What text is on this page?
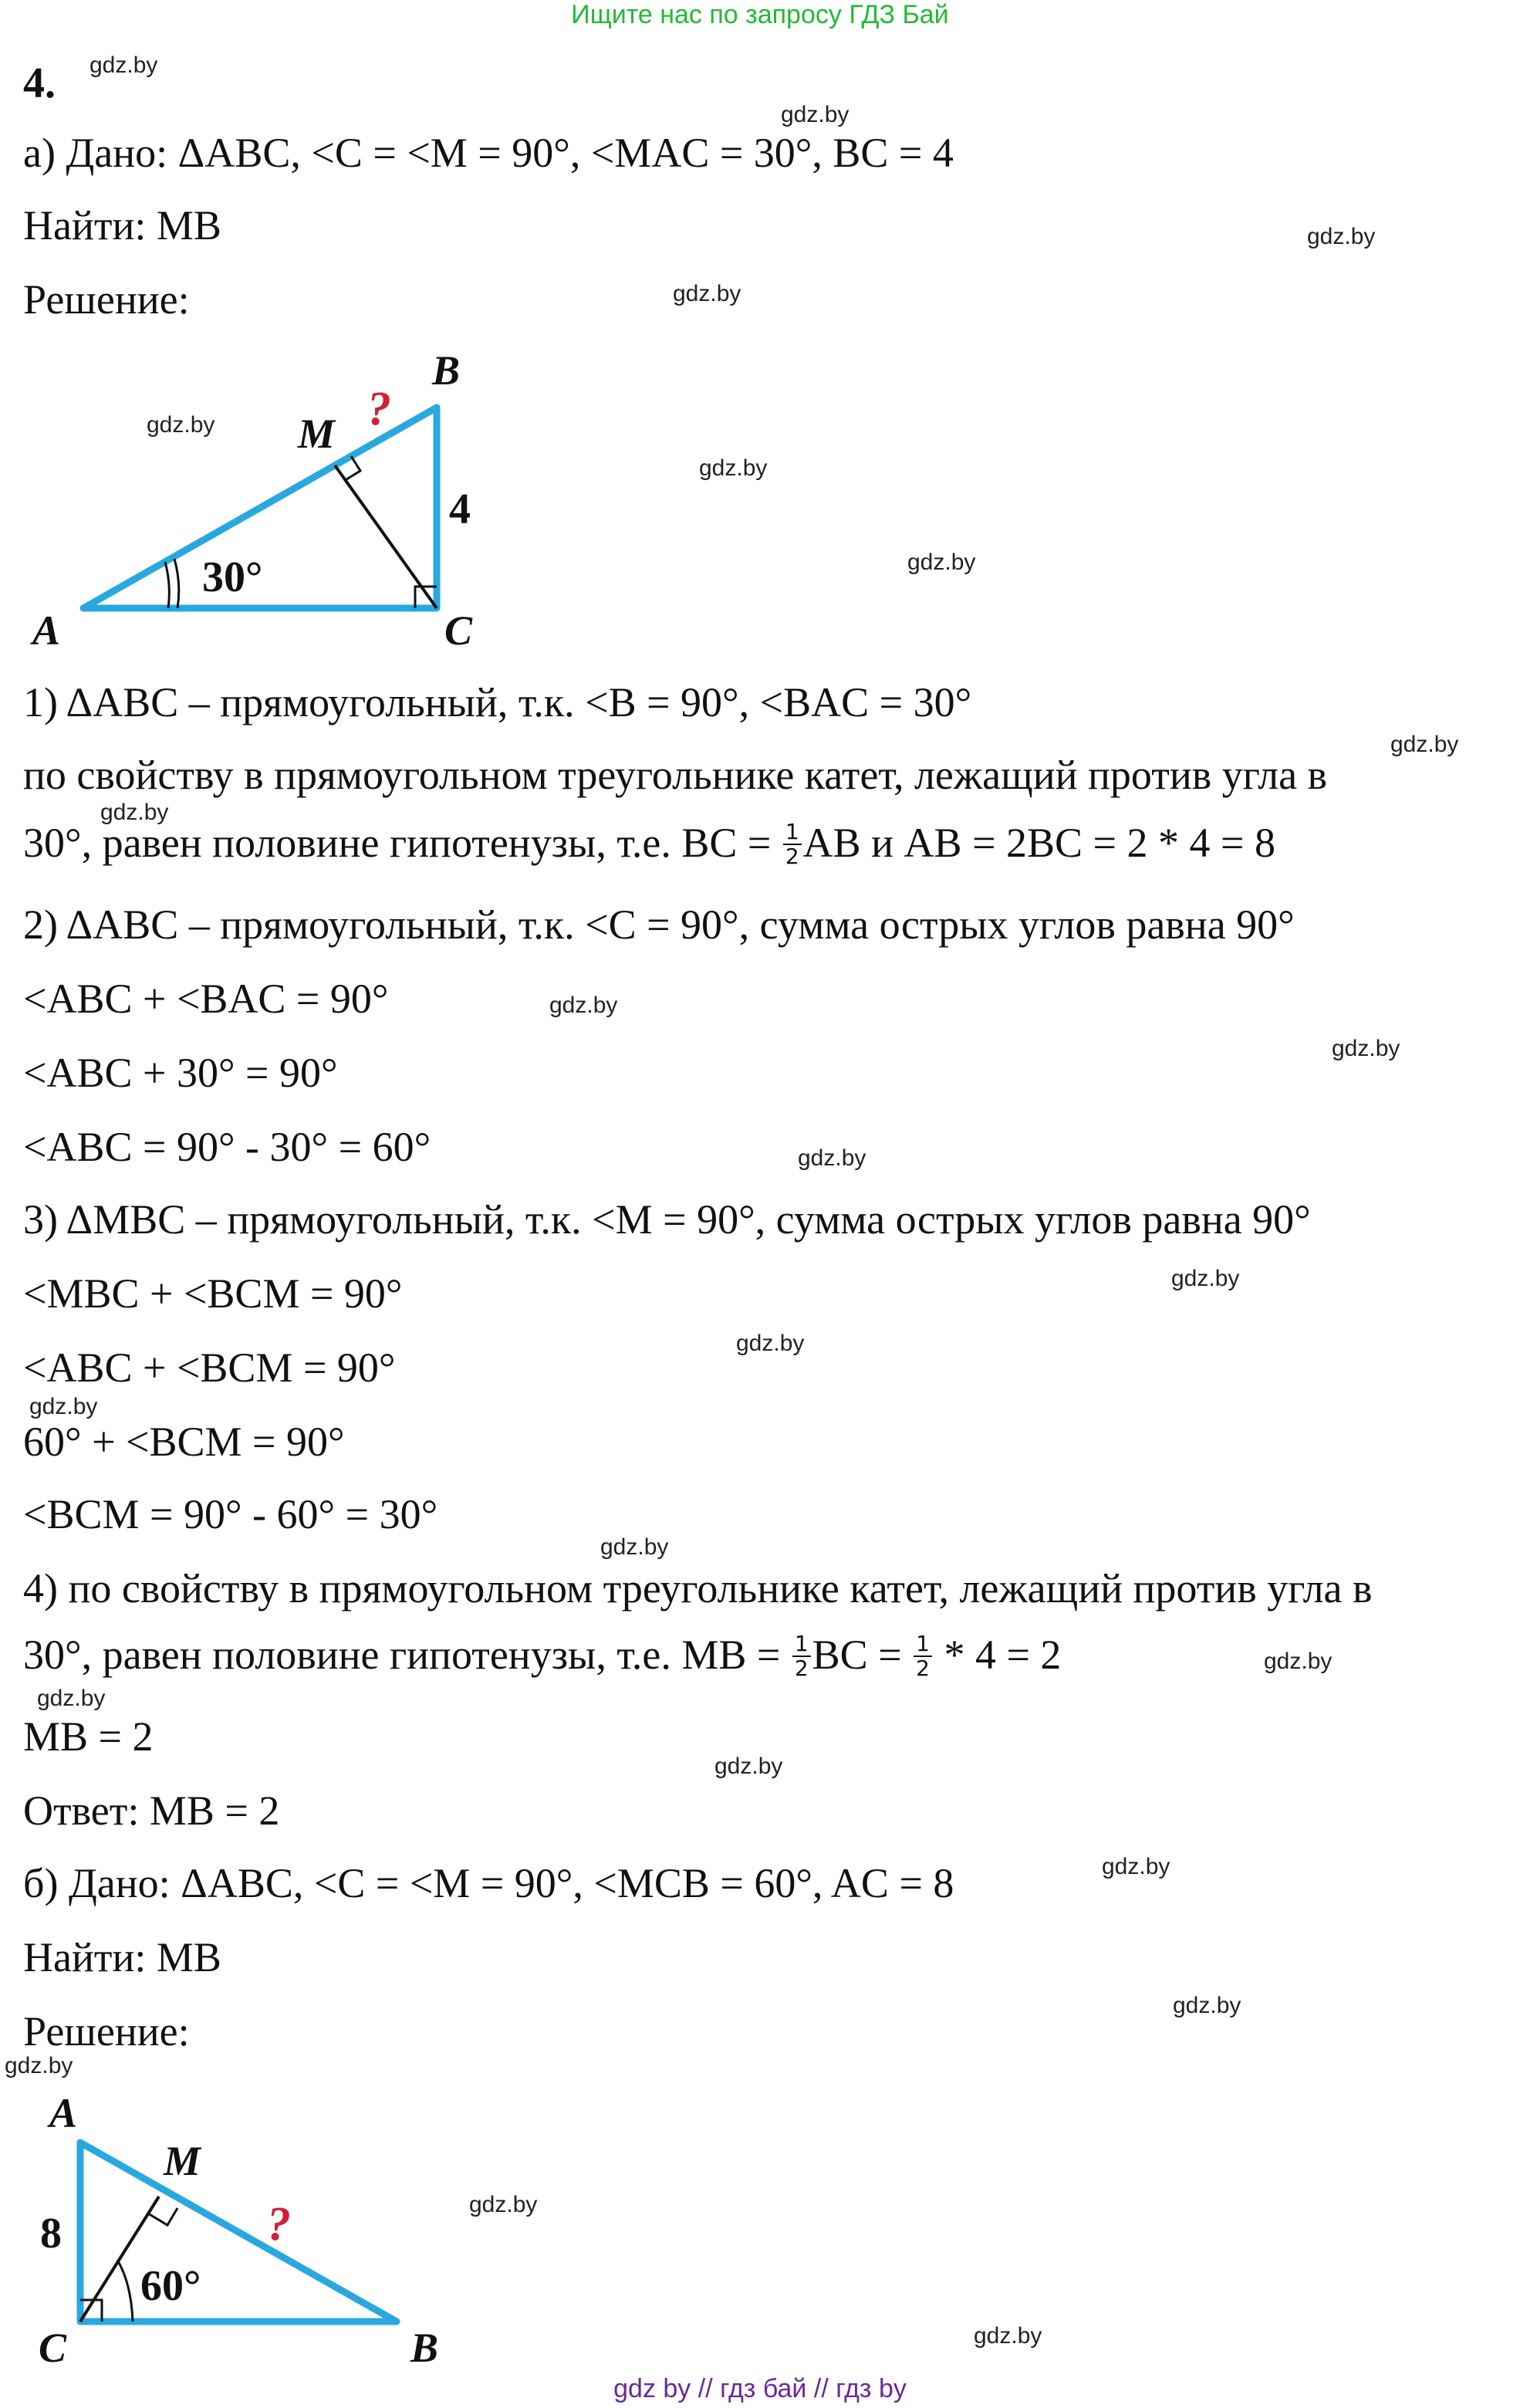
Ищите нас по запросу ГДЗ Бай
4. gdz.by
gdz.by
gdz.by
gdz.by
gdz.by
gdz.by
gdz.by
gdz.by
gdz.by
gdz.by
gdz.by
gdz.by
gdz.by
gdz.by
gdz.by
gdz.by
gdz.by
gdz.by
gdz.by
gdz.by
gdz.by
gdz.by
gdz.by
gdz.by
а) Дано: ΔABC, <C = <M = 90°, <MAC = 30°, BC = 4
Найти: MB
Решение:
A
B
C
M ?
4
30°
1) ΔABC – прямоугольный, т.к. <B = 90°, <BAC = 30°
по свойству в прямоугольном треугольнике катет, лежащий против угла в
30°, равен половине гипотенузы, т.е. BC = $\frac{1}{2}$ AB и AB = 2BC = 2 * 4 = 8
2) ΔABC – прямоугольный, т.к. <C = 90°, сумма острых углов равна 90°
<ABC + <BAC = 90°
<ABC + 30° = 90°
<ABC = 90° - 30° = 60°
3) ΔMBC – прямоугольный, т.к. <M = 90°, сумма острых углов равна 90°
<MBC + <BCM = 90°
<ABC + <BCM = 90°
60° + <BCM = 90°
<BCM = 90° - 60° = 30°
4) по свойству в прямоугольном треугольнике катет, лежащий против угла в
30°, равен половине гипотенузы, т.е. MB = $\frac{1}{2}$ BC = $\frac{1}{2} * 4 = 2$
MB = 2
Ответ: MB = 2
б) Дано: ΔABC, <C = <M = 90°, <MCB = 60°, AC = 8
Найти: MB
Решение:
A
B
C
M
?
8
60°
gdz by // гдз бай // гдз by
